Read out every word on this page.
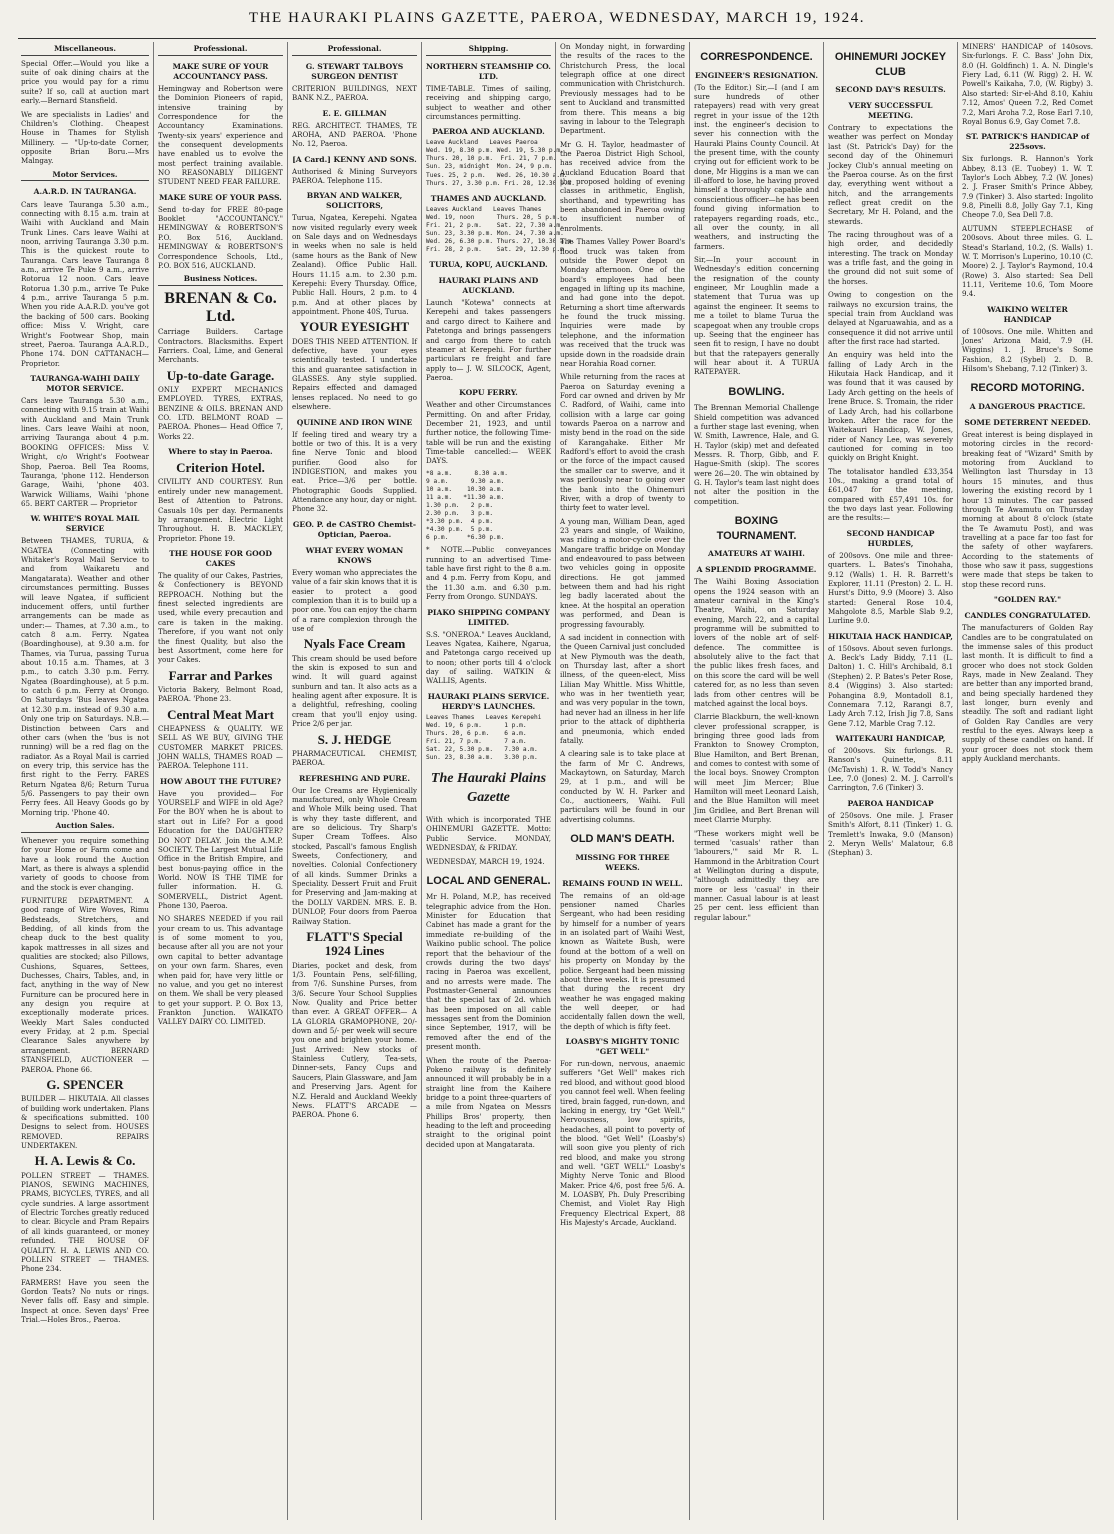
THE HAURAKI PLAINS GAZETTE, PAEROA, WEDNESDAY, MARCH 19, 1924.
Miscellaneous.
Special Offer.—Would you like a suite of oak dining chairs at the price you would pay for a rimu suite? If so, call at auction mart early.—Bernard Stansfield.
We are specialists in Ladies' and Children's Clothing. Cheapest House in Thames for Stylish Millinery. — "Up-to-date Corner, opposite Brian Boru.—Mrs Malngay.
Motor Services.
A.A.R.D. IN TAURANGA.
Cars leave Tauranga 5.30 a.m., connecting with 8.15 a.m. train at Waihi with Auckland and Main Trunk Lines. Cars leave Waihi at noon, arriving Tauranga 3.30 p.m. This is the quickest route to Tauranga. Cars leave Tauranga 8 a.m., arrive Te Puke 9 a.m., arrive Rotorua 12 noon. Cars leave Rotorua 1.30 p.m., arrive Te Puke 4 p.m., arrive Tauranga 5 p.m. When you ride A.A.R.D. you've got the backing of 500 cars. Booking office: Miss V. Wright, care Wright's Footwear Shop, main street, Paeroa. Tauranga A.A.R.D., Phone 174. DON CATTANACH—Proprietor.
TAURANGA-WAIHI DAILY MOTOR SERVICE.
Cars leave Tauranga 5.30 a.m., connecting with 9.15 train at Waihi with Auckland and Main Trunk lines. Cars leave Waihi at noon, arriving Tauranga about 4 p.m. BOOKING OFFICES: Miss V. Wright, c/o Wright's Footwear Shop, Paeroa. Bell Tea Rooms, Tauranga, 'phone 112. Henderson Garage, Waihi, 'phone 403. Warwick Williams, Waihi 'phone 65. BERT CARTER — Proprietor
W. WHITE'S ROYAL MAIL SERVICE
Between THAMES, TURUA, & NGATEA (Connecting with Whitaker's Royal Mail Service to and from Waikaretu and Mangatarata). Weather and other circumstances permitting. Busses will leave Ngatea, if sufficient inducement offers, until further arrangements can be made as under:— Thames, at 7.30 a.m., to catch 8 a.m. Ferry. Ngatea (Boardinghouse), at 9.30 a.m. for Thames, via Turua, passing Turua about 10.15 a.m. Thames, at 3 p.m., to catch 3.30 p.m. Ferry. Ngatea (Boardinghouse), at 5 p.m. to catch 6 p.m. Ferry at Orongo. On Saturdays 'Bus leaves Ngatea at 12.30 p.m. instead of 9.30 a.m. Only one trip on Saturdays. N.B.—Distinction between Cars and other cars (when the 'bus is not running) will be a red flag on the radiator. As a Royal Mail is carried on every trip, this service has the first right to the Ferry. FARES Return Ngatea 8/6; Return Turua 5/6. Passengers to pay their own Ferry fees. All Heavy Goods go by Morning trip. 'Phone 40.
Auction Sales.
Whenever you require something for your Home or Farm come and have a look round the Auction Mart, as there is always a splendid variety of goods to choose from and the stock is ever changing.
FURNITURE DEPARTMENT. A good range of Wire Woves, Rimu Bedsteads, Stretchers, and Bedding, of all kinds from the cheap duck to the best quality kapok mattresses in all sizes and qualities are stocked; also Pillows, Cushions, Squares, Settees, Duchesses, Chairs, Tables, and, in fact, anything in the way of New Furniture can be procured here in any design you require at exceptionally moderate prices. Weekly Mart Sales conducted every Friday, at 2 p.m. Special Clearance Sales anywhere by arrangement. BERNARD STANSFIELD, AUCTIONEER — PAEROA. Phone 66.
G. SPENCER
BUILDER — HIKUTAIA. All classes of building work undertaken. Plans & specifications submitted. 100 Designs to select from. HOUSES REMOVED. REPAIRS UNDERTAKEN.
H. A. Lewis & Co.
POLLEN STREET — THAMES. PIANOS, SEWING MACHINES, PRAMS, BICYCLES, TYRES, and all cycle sundries. A large assortment of Electric Torches greatly reduced to clear. Bicycle and Pram Repairs of all kinds guaranteed, or money refunded. THE HOUSE OF QUALITY. H. A. LEWIS AND CO. POLLEN STREET — THAMES. Phone 234.
FARMERS! Have you seen the Gordon Teats? No nuts or rings. Never falls off. Easy and simple. Inspect at once. Seven days' Free Trial.—Holes Bros., Paeroa.
Professional.
MAKE SURE OF YOUR ACCOUNTANCY PASS.
Hemingway and Robertson were the Dominion Pioneers of rapid, intensive training by Correspondence for the Accountancy Examinations. Twenty-six years' experience and the consequent developments have enabled us to evolve the most perfect training available. NO REASONABLY DILIGENT STUDENT NEED FEAR FAILURE.
MAKE SURE OF YOUR PASS.
Send to-day for FREE 80-page Booklet "ACCOUNTANCY." HEMINGWAY & ROBERTSON'S P.O. Box 516, Auckland. HEMINGWAY & ROBERTSON'S Correspondence Schools, Ltd., P.O. BOX 516, AUCKLAND.
Business Notices.
BRENAN & Co. Ltd.
Carriage Builders. Cartage Contractors. Blacksmiths. Expert Farriers. Coal, Lime, and General Merchants.
Up-to-date Garage.
ONLY EXPERT MECHANICS EMPLOYED. TYRES, EXTRAS, BENZINE & OILS. BRENAN AND CO. LTD. BELMONT ROAD — PAEROA. Phones— Head Office 7, Works 22.
Where to stay in Paeroa.
Criterion Hotel.
CIVILITY AND COURTESY. Run entirely under new management. Best of Attention to Patrons. Casuals 10s per day. Permanents by arrangement. Electric Light Throughout. H. B. MACKLEY, Proprietor. Phone 19.
THE HOUSE FOR GOOD CAKES
The quality of our Cakes, Pastries, & Confectionery is BEYOND REPROACH. Nothing but the finest selected ingredients are used, while every precaution and care is taken in the making. Therefore, if you want not only the finest Quality, but also the best Assortment, come here for your Cakes.
Farrar and Parkes
Victoria Bakery, Belmont Road, PAEROA. 'Phone 23.
Central Meat Mart
CHEAPNESS & QUALITY. WE SELL AS WE BUY, GIVING THE CUSTOMER MARKET PRICES. JOHN WALLS, THAMES ROAD — PAEROA. Telephone 111.
HOW ABOUT THE FUTURE?
Have you provided— For YOURSELF and WIFE in old Age? For the BOY when he is about to start out in Life? For a good Education for the DAUGHTER? DO NOT DELAY. Join the A.M.P. SOCIETY. The Largest Mutual Life Office in the British Empire, and best bonus-paying office in the World. NOW IS THE TIME for fuller information. H. G. SOMERVELL, District Agent. Phone 130, Paeroa.
NO SHARES NEEDED if you rail your cream to us. This advantage is of some moment to you, because after all you are not your own capital to better advantage on your own farm. Shares, even when paid for, have very little or no value, and you get no interest on them. We shall be very pleased to get your support. P. O. Box 13, Frankton Junction. WAIKATO VALLEY DAIRY CO. LIMITED.
Professional.
G. STEWART TALBOYS SURGEON DENTIST
CRITERION BUILDINGS, NEXT BANK N.Z., PAEROA.
E. E. GILLMAN
REG. ARCHITECT. THAMES, TE AROHA, AND PAEROA. 'Phone No. 12, Paeroa.
[A Card.] KENNY AND SONS.
Authorised & Mining Surveyors PAEROA. Telephone 115.
BRYAN AND WALKER, SOLICITORS,
Turua, Ngatea, Kerepehi. Ngatea now visited regularly every week on Sale days and on Wednesdays in weeks when no sale is held (same hours as the Bank of New Zealand). Office Public Hall. Hours 11.15 a.m. to 2.30 p.m. Kerepehi: Every Thursday. Office, Public Hall. Hours, 2 p.m. to 4 p.m. And at other places by appointment. Phone 40S, Turua.
YOUR EYESIGHT
DOES THIS NEED ATTENTION. If defective, have your eyes scientifically tested. I undertake this and guarantee satisfaction in GLASSES. Any style supplied. Repairs effected and damaged lenses replaced. No need to go elsewhere.
QUININE AND IRON WINE
If feeling tired and weary try a bottle or two of this. It is a very fine Nerve Tonic and blood purifier. Good also for INDIGESTION, and makes you eat. Price—3/6 per bottle. Photographic Goods Supplied. Attendance any hour, day or night. Phone 32.
GEO. P. de CASTRO Chemist-Optician, Paeroa.
WHAT EVERY WOMAN KNOWS
Every woman who appreciates the value of a fair skin knows that it is easier to protect a good complexion than it is to build up a poor one. You can enjoy the charm of a rare complexion through the use of
Nyals Face Cream
This cream should be used before the skin is exposed to sun and wind. It will guard against sunburn and tan. It also acts as a healing agent after exposure. It is a delightful, refreshing, cooling cream that you'll enjoy using. Price 2/6 per jar.
S. J. HEDGE
PHARMACEUTICAL CHEMIST, PAEROA.
REFRESHING AND PURE.
Our Ice Creams are Hygienically manufactured, only Whole Cream and Whole Milk being used. That is why they taste different, and are so delicious. Try Sharp's Super Cream Toffees. Also stocked, Pascall's famous English Sweets, Confectionery, and novelties. Colonial Confectionery of all kinds. Summer Drinks a Speciality. Dessert Fruit and Fruit for Preserving and Jam-making at the DOLLY VARDEN. MRS. E. B. DUNLOP, Four doors from Paeroa Railway Station.
FLATT'S Special 1924 Lines
Diaries, pocket and desk, from 1/3. Fountain Pens, self-filling, from 7/6. Sunshine Purses, from 3/6. Secure Your School Supplies Now. Quality and Price better than ever. A GREAT OFFER— A LA GLORIA GRAMOPHONE, 20/- down and 5/- per week will secure you one and brighten your home. Just Arrived: New stocks of Stainless Cutlery, Tea-sets, Dinner-sets, Fancy Cups and Saucers, Plain Glassware, and Jam and Preserving Jars. Agent for N.Z. Herald and Auckland Weekly News. FLATT'S ARCADE — PAEROA. Phone 6.
Shipping.
NORTHERN STEAMSHIP CO. LTD.
TIME-TABLE. Times of sailing, receiving and shipping cargo, subject to weather and other circumstances permitting.
PAEROA AND AUCKLAND.
Leave Auckland   Leaves Paeroa
Wed. 19, 8.30 p.m. Wed. 19, 5.30 p.m.
Thurs. 20, 10 p.m.  Fri. 21, 7 p.m.
Sun. 23, midnight  Mon. 24, 9 p.m.
Tues. 25, 2 p.m.   Wed. 26, 10.30 a.m.
Thurs. 27, 3.30 p.m. Fri. 28, 12.30 p.m.
THAMES AND AUCKLAND.
Leaves Auckland   Leaves Thames
Wed. 19, noon      Thurs. 20, 5 p.m.
Fri. 21, 2 p.m.    Sat. 22, 7.30 a.m.
Sun. 23, 3.30 p.m. Mon. 24, 7.30 a.m.
Wed. 26, 6.30 p.m. Thurs. 27, 10.30 a.m.
Fri. 28, 2 p.m.    Sat. 29, 12.30 p.m.
TURUA, KOPU, AUCKLAND.
HAURAKI PLAINS AND AUCKLAND.
Launch "Kotewa" connects at Kerepehi and takes passengers and cargo direct to Kaihere and Patetonga and brings passengers and cargo from there to catch steamer at Kerepehi. For further particulars re freight and fare apply to— J. W. SILCOCK, Agent, Paeroa.
KOPU FERRY.
Weather and other Circumstances Permitting. On and after Friday, December 21, 1923, and until further notice, the following Time-table will be run and the existing Time-table cancelled:— WEEK DAYS.
*8 a.m.      8.30 a.m.
9 a.m.      9.30 a.m.
10 a.m.    10.30 a.m.
11 a.m.   *11.30 a.m.
1.30 p.m.   2 p.m.
2.30 p.m.   3 p.m.
*3.30 p.m.  4 p.m.
*4.30 p.m.  5 p.m.
6 p.m.     *6.30 p.m.
* NOTE.—Public conveyances running to an advertised Time-table have first right to the 8 a.m. and 4 p.m. Ferry from Kopu, and the 11.30 a.m. and 6.30 p.m. Ferry from Orongo. SUNDAYS.
PIAKO SHIPPING COMPANY LIMITED.
S.S. "ONEROA." Leaves Auckland, Leaves Ngatea, Kaihere, Ngarua, and Patetonga cargo received up to noon; other ports till 4 o'clock day of sailing. WATKIN & WALLIS, Agents.
HAURAKI PLAINS SERVICE. HERDY'S LAUNCHES.
Leaves Thames   Leaves Kerepehi
Wed. 19, 6 p.m.      1 p.m.
Thurs. 20, 6 p.m.    6 a.m.
Fri. 21, 7 p.m.      7 a.m.
Sat. 22, 5.30 p.m.   7.30 a.m.
Sun. 23, 8.30 a.m.   3.30 p.m.
The Hauraki Plains Gazette
With which is incorporated THE OHINEMURI GAZETTE. Motto: Public Service. MONDAY, WEDNESDAY, & FRIDAY.
WEDNESDAY, MARCH 19, 1924.
LOCAL AND GENERAL.
Mr H. Poland, M.P., has received telegraphic advice from the Hon. Minister for Education that Cabinet has made a grant for the immediate re-building of the Waikino public school. The police report that the behaviour of the crowds during the two days' racing in Paeroa was excellent, and no arrests were made. The Postmaster-General announces that the special tax of 2d. which has been imposed on all cable messages sent from the Dominion since September, 1917, will be removed after the end of the present month.
When the route of the Paeroa-Pokeno railway is definitely announced it will probably be in a straight line from the Kaihere bridge to a point three-quarters of a mile from Ngatea on Messrs Phillips Bros' property, then heading to the left and proceeding straight to the original point decided upon at Mangatarata.
On Monday night, in forwarding the results of the races to the Christchurch Press, the local telegraph office at one direct communication with Christchurch. Previously messages had to be sent to Auckland and transmitted from there. This means a big saving in labour to the Telegraph Department.
Mr G. H. Taylor, headmaster of the Paeroa District High School, has received advice from the Auckland Education Board that the proposed holding of evening classes in arithmetic, English, shorthand, and typewriting has been abandoned in Paeroa owing to insufficient number of enrolments.
The Thames Valley Power Board's flood truck was taken from outside the Power depot on Monday afternoon. One of the board's employees had been engaged in lifting up its machine, and had gone into the depot. Returning a short time afterwards he found the truck missing. Inquiries were made by telephone, and the information was received that the truck was upside down in the roadside drain near Horahia Road corner.
While returning from the races at Paeroa on Saturday evening a Ford car owned and driven by Mr C. Radford, of Waihi, came into collision with a large car going towards Paeroa on a narrow and misty bend in the road on the side of Karangahake. Either Mr Radford's effort to avoid the crash or the force of the impact caused the smaller car to swerve, and it was perilously near to going over the bank into the Ohinemuri River, with a drop of twenty to thirty feet to water level.
A young man, William Dean, aged 23 years and single, of Waikino, was riding a motor-cycle over the Mangare traffic bridge on Monday and endeavoured to pass between two vehicles going in opposite directions. He got jammed between them and had his right leg badly lacerated about the knee. At the hospital an operation was performed, and Dean is progressing favourably.
A sad incident in connection with the Queen Carnival just concluded at New Plymouth was the death, on Thursday last, after a short illness, of the queen-elect, Miss Lilian May Whittle. Miss Whittle, who was in her twentieth year, and was very popular in the town, had never had an illness in her life prior to the attack of diphtheria and pneumonia, which ended fatally.
A clearing sale is to take place at the farm of Mr C. Andrews, Mackaytown, on Saturday, March 29, at 1 p.m., and will be conducted by W. H. Parker and Co., auctioneers, Waihi. Full particulars will be found in our advertising columns.
OLD MAN'S DEATH.
MISSING FOR THREE WEEKS.
REMAINS FOUND IN WELL.
The remains of an old-age pensioner named Charles Sergeant, who had been residing by himself for a number of years in an isolated part of Waihi West, known as Waitete Bush, were found at the bottom of a well on his property on Monday by the police. Sergeant had been missing about three weeks. It is presumed that during the recent dry weather he was engaged making the well deeper, or had accidentally fallen down the well, the depth of which is fifty feet.
LOASBY'S MIGHTY TONIC "GET WELL"
For run-down, nervous, anaemic sufferers "Get Well" makes rich red blood, and without good blood you cannot feel well. When feeling tired, brain fagged, run-down, and lacking in energy, try "Get Well." Nervousness, low spirits, headaches, all point to poverty of the blood. "Get Well" (Loasby's) will soon give you plenty of rich red blood, and make you strong and well. "GET WELL" Loasby's Mighty Nerve Tonic and Blood Maker. Price 4/6, post free 5/6. A. M. LOASBY, Ph. Duly Prescribing Chemist, and Violet Ray High Frequency Electrical Expert, 88 His Majesty's Arcade, Auckland.
CORRESPONDENCE.
ENGINEER'S RESIGNATION.
(To the Editor.) Sir,—I (and I am sure hundreds of other ratepayers) read with very great regret in your issue of the 12th inst. the engineer's decision to sever his connection with the Hauraki Plains County Council. At the present time, with the county crying out for efficient work to be done, Mr Higgins is a man we can ill-afford to lose, he having proved himself a thoroughly capable and conscientious officer—he has been found giving information to ratepayers regarding roads, etc., all over the county, in all weathers, and instructing the farmers.
Sir,—In your account in Wednesday's edition concerning the resignation of the county engineer, Mr Loughlin made a statement that Turua was up against the engineer. It seems to me a toilet to blame Turua the scapegoat when any trouble crops up. Seeing that the engineer has seen fit to resign, I have no doubt but that the ratepayers generally will hear about it. A TURUA RATEPAYER.
BOWLING.
The Brennan Memorial Challenge Shield competition was advanced a further stage last evening, when W. Smith, Lawrence, Hale, and G. H. Taylor (skip) met and defeated Messrs. R. Thorp, Gibb, and F. Hague-Smith (skip). The scores were 26—20. The win obtained by G. H. Taylor's team last night does not alter the position in the competition.
BOXING TOURNAMENT.
AMATEURS AT WAIHI.
A SPLENDID PROGRAMME.
The Waihi Boxing Association opens the 1924 season with an amateur carnival in the King's Theatre, Waihi, on Saturday evening, March 22, and a capital programme will be submitted to lovers of the noble art of self-defence. The committee is absolutely alive to the fact that the public likes fresh faces, and on this score the card will be well catered for, as no less than seven lads from other centres will be matched against the local boys.
Clarrie Blackburn, the well-known clever professional scrapper, is bringing three good lads from Frankton to Snowey Crompton, Blue Hamilton, and Bert Brenan, and comes to contest with some of the local boys. Snowey Crompton will meet Jim Mercer; Blue Hamilton will meet Leonard Laish, and the Blue Hamilton will meet Jim Gridlee, and Bert Brenan will meet Clarrie Murphy.
"These workers might well be termed 'casuals' rather than 'labourers,'" said Mr R. L. Hammond in the Arbitration Court at Wellington during a dispute, "although admittedly they are more or less 'casual' in their manner. Casual labour is at least 25 per cent. less efficient than regular labour."
OHINEMURI JOCKEY CLUB
SECOND DAY'S RESULTS.
VERY SUCCESSFUL MEETING.
Contrary to expectations the weather was perfect on Monday last (St. Patrick's Day) for the second day of the Ohinemuri Jockey Club's annual meeting on the Paeroa course. As on the first day, everything went without a hitch, and the arrangements reflect great credit on the Secretary, Mr H. Poland, and the stewards.
The racing throughout was of a high order, and decidedly interesting. The track on Monday was a trifle fast, and the going in the ground did not suit some of the horses.
Owing to congestion on the railways no excursion trains, the special train from Auckland was delayed at Ngaruawahia, and as a consequence it did not arrive until after the first race had started.
An enquiry was held into the falling of Lady Arch in the Hikutaia Hack Handicap, and it was found that it was caused by Lady Arch getting on the heels of Irene Bruce. S. Tromain, the rider of Lady Arch, had his collarbone broken. After the race for the Waitekauri Handicap, W. Jones, rider of Nancy Lee, was severely cautioned for coming in too quickly on Bright Knight.
The totalisator handled £33,354 10s., making a grand total of £61,047 for the meeting, compared with £57,491 10s. for the two days last year. Following are the results:—
SECOND HANDICAP HURDLES,
of 200sovs. One mile and three-quarters. L. Bates's Tinohaha, 9.12 (Walls) 1. H. R. Barrett's Explorer, 11.11 (Preston) 2. L. H. Hurst's Ditto, 9.9 (Moore) 3. Also started: General Rose 10.4, Mahgolote 8.5, Marble Slab 9.2, Lurline 9.0.
HIKUTAIA HACK HANDICAP,
of 150sovs. About seven furlongs. A. Beck's Lady Biddy, 7.11 (L. Dalton) 1. C. Hill's Archibald, 8.1 (Stephen) 2. P. Bates's Peter Rose, 8.4 (Wiggins) 3. Also started: Pohangina 8.9, Montadoll 8.1, Connemara 7.12, Rarangi 8.7, Lady Arch 7.12, Irish Jig 7.8, Sans Gene 7.12, Marble Crag 7.12.
WAITEKAURI HANDICAP,
of 200sovs. Six furlongs. R. Ranson's Quinette, 8.11 (McTavish) 1. R. W. Todd's Nancy Lee, 7.0 (Jones) 2. M. J. Carroll's Carrington, 7.6 (Tinker) 3.
PAEROA HANDICAP
of 250sovs. One mile. J. Fraser Smith's Alfort, 8.11 (Tinker) 1. G. Tremlett's Inwaka, 9.0 (Manson) 2. Meryn Wells' Malatour, 6.8 (Stephan) 3.
MINERS' HANDICAP of 140sovs. Six-furlongs. F. C. Bass' John Dix, 8.0 (H. Goldfinch) 1. A. N. Dingle's Fiery Lad, 6.11 (W. Rigg) 2. H. W. Powell's Kaikaha, 7.0, (W. Rigby) 3. Also started: Sir-el-Ahd 8.10, Kahiu 7.12, Amos' Queen 7.2, Red Comet 7.2, Mari Aroha 7.2, Rose Earl 7.10, Royal Bonus 6.9, Gay Comet 7.8.
ST. PATRICK'S HANDICAP of 225sovs.
Six furlongs. R. Hannon's York Abbey, 8.13 (E. Tuobey) 1. W. T. Taylor's Loch Abbey, 7.2 (W. Jones) 2. J. Fraser Smith's Prince Abbey, 7.9 (Tinker) 3. Also started: Ingolito 9.8, Pinelli 8.8, Jolly Gay 7.1, King Cheope 7.0, Sea Dell 7.8.
AUTUMN STEEPLECHASE of 200sovs. About three miles. G. L. Stead's Starland, 10.2, (S. Walls) 1. W. T. Morrison's Luperino, 10.10 (C. Moore) 2. J. Taylor's Raymond, 10.4 (Rowe) 3. Also started: Sea Dell 11.11, Veriteme 10.6, Tom Moore 9.4.
WAIKINO WELTER HANDICAP
of 100sovs. One mile. Whitten and Jones' Arizona Maid, 7.9 (H. Wiggins) 1. J. Bruce's Some Fashion, 8.2 (Sybel) 2. D. B. Hilsom's Shebang, 7.12 (Tinker) 3.
RECORD MOTORING.
A DANGEROUS PRACTICE.
SOME DETERRENT NEEDED.
Great interest is being displayed in motoring circles in the record-breaking feat of "Wizard" Smith by motoring from Auckland to Wellington last Thursday in 13 hours 15 minutes, and thus lowering the existing record by 1 hour 13 minutes. The car passed through Te Awamutu on Thursday morning at about 8 o'clock (state the Te Awamutu Post), and was travelling at a pace far too fast for the safety of other wayfarers. According to the statements of those who saw it pass, suggestions were made that steps be taken to stop these record runs.
"GOLDEN RAY."
CANDLES CONGRATULATED.
The manufacturers of Golden Ray Candles are to be congratulated on the immense sales of this product last month. It is difficult to find a grocer who does not stock Golden Rays, made in New Zealand. They are better than any imported brand, and being specially hardened they last longer, burn evenly and steadily. The soft and radiant light of Golden Ray Candles are very restful to the eyes. Always keep a supply of these candles on hand. If your grocer does not stock them apply Auckland merchants.
